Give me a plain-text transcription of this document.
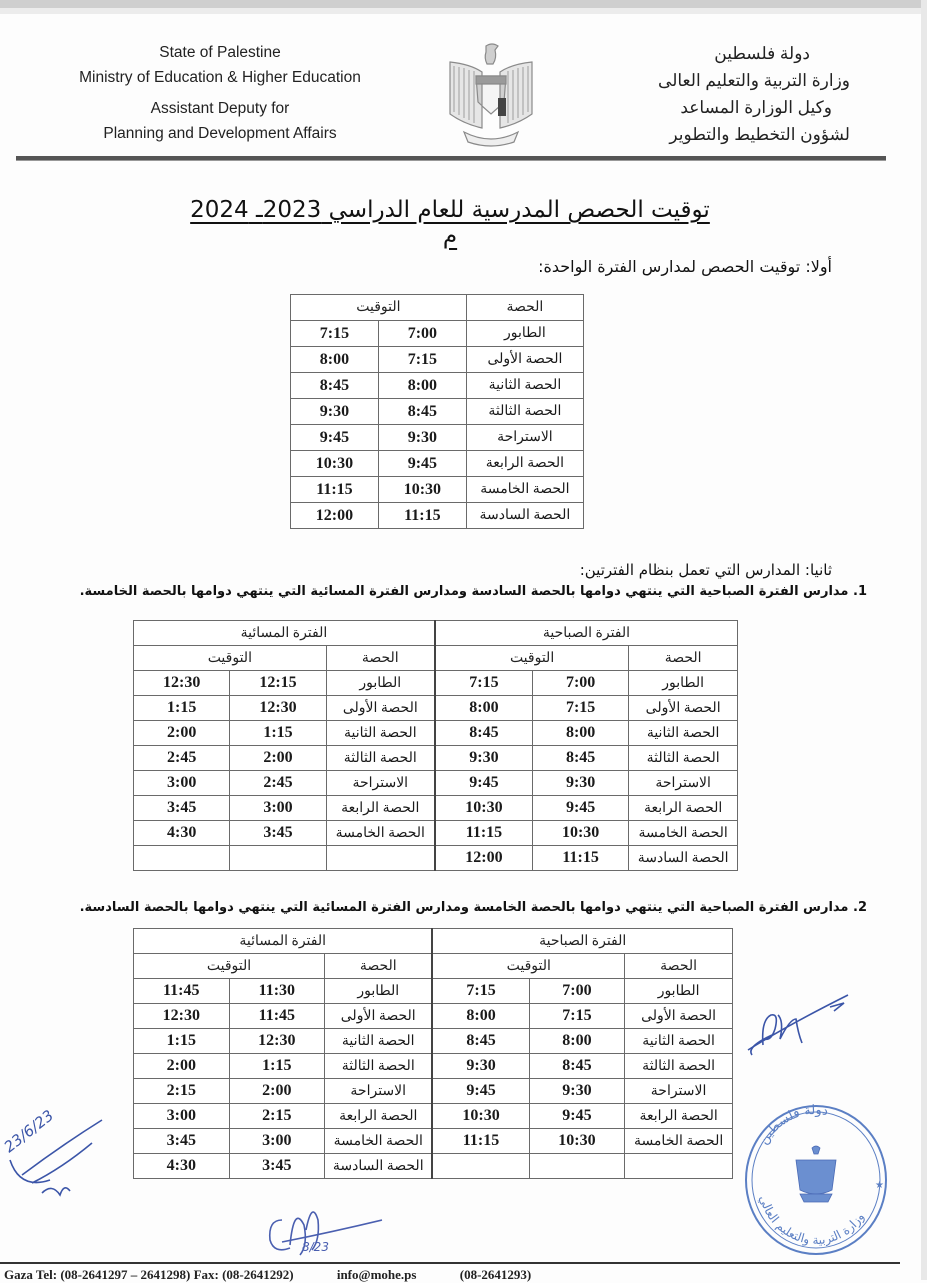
State of Palestine
Ministry of Education & Higher Education
Assistant Deputy for
Planning and Development Affairs
دولة فلسطين
وزارة التربية والتعليم العالى
وكيل الوزارة المساعد
لشؤون التخطيط والتطوير
توقيت الحصص المدرسية للعام الدراسي 2023ـ 2024 م
أولا: توقيت الحصص لمدارس الفترة الواحدة:
الحصة	التوقيت	
الطابور	7:00	7:15
الحصة الأولى	7:15	8:00
الحصة الثانية	8:00	8:45
الحصة الثالثة	8:45	9:30
الاستراحة	9:30	9:45
الحصة الرابعة	9:45	10:30
الحصة الخامسة	10:30	11:15
الحصة السادسة	11:15	12:00
ثانيا: المدارس التي تعمل بنظام الفترتين:
1. مدارس الفترة الصباحية التي ينتهي دوامها بالحصة السادسة ومدارس الفترة المسائية التي ينتهي دوامها بالحصة الخامسة.
الفترة الصباحية			الفترة المسائية		
الحصة	التوقيت		الحصة	التوقيت	
الطابور	7:00	7:15	الطابور	12:15	12:30
الحصة الأولى	7:15	8:00	الحصة الأولى	12:30	1:15
الحصة الثانية	8:00	8:45	الحصة الثانية	1:15	2:00
الحصة الثالثة	8:45	9:30	الحصة الثالثة	2:00	2:45
الاستراحة	9:30	9:45	الاستراحة	2:45	3:00
الحصة الرابعة	9:45	10:30	الحصة الرابعة	3:00	3:45
الحصة الخامسة	10:30	11:15	الحصة الخامسة	3:45	4:30
الحصة السادسة	11:15	12:00			
2. مدارس الفترة الصباحية التي ينتهي دوامها بالحصة الخامسة ومدارس الفترة المسائية التي ينتهي دوامها بالحصة السادسة.
الفترة الصباحية			الفترة المسائية		
الحصة	التوقيت		الحصة	التوقيت	
الطابور	7:00	7:15	الطابور	11:30	11:45
الحصة الأولى	7:15	8:00	الحصة الأولى	11:45	12:30
الحصة الثانية	8:00	8:45	الحصة الثانية	12:30	1:15
الحصة الثالثة	8:45	9:30	الحصة الثالثة	1:15	2:00
الاستراحة	9:30	9:45	الاستراحة	2:00	2:15
الحصة الرابعة	9:45	10:30	الحصة الرابعة	2:15	3:00
الحصة الخامسة	10:30	11:15	الحصة الخامسة	3:00	3:45
			الحصة السادسة	3:45	4:30
23/6/23
8/23
دولة فلسطين
وزارة التربية والتعليم العالي
★
Gaza Tel: (08-2641297 – 2641298) Fax: (08-2641292)	info@mohe.ps	(08-2641293)
